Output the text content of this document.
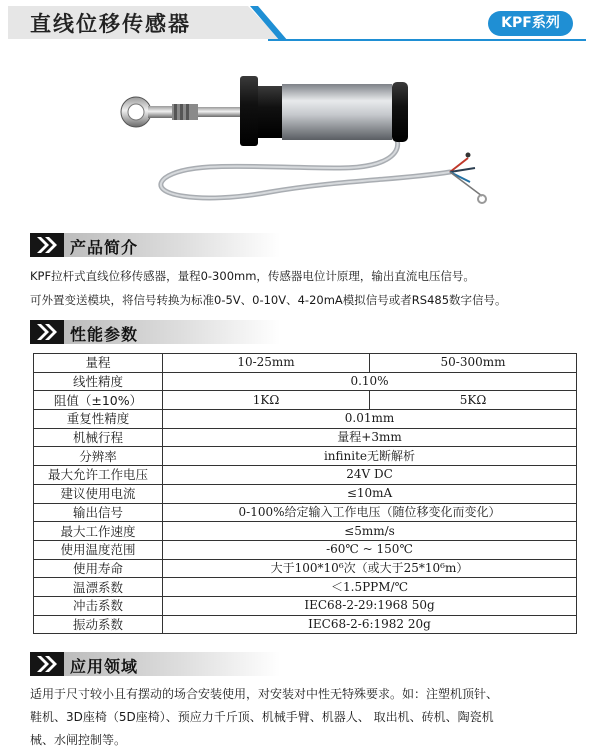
直线位移传感器	KPF系列
产品简介
KPF拉杆式直线位移传感器，量程0-300mm，传感器电位计原理，输出直流电压信号。
可外置变送模块，将信号转换为标准0-5V、0-10V、4-20mA模拟信号或者RS485数字信号。
性能参数
量程	10-25mm	50-300mm
线性精度	0.10%	
阻值（±10%）	1KΩ	5KΩ
重复性精度	0.01mm	
机械行程	量程+3mm	
分辨率	infinite无断解析	
最大允许工作电压	24V DC	
建议使用电流	≤10mA	
输出信号	0-100%给定输入工作电压（随位移变化而变化）	
最大工作速度	≤5mm/s	
使用温度范围	-60℃ ~ 150℃	
使用寿命	大于100*10⁶次（或大于25*10⁶m）	
温漂系数	＜1.5PPM/℃	
冲击系数	IEC68-2-29:1968 50g	
振动系数	IEC68-2-6:1982 20g	
应用领域
适用于尺寸较小且有摆动的场合安装使用，对安装对中性无特殊要求。如：注塑机顶针、
鞋机、3D座椅（5D座椅）、预应力千斤顶、机械手臂、机器人、 取出机、砖机、陶瓷机
械、水闸控制等。
